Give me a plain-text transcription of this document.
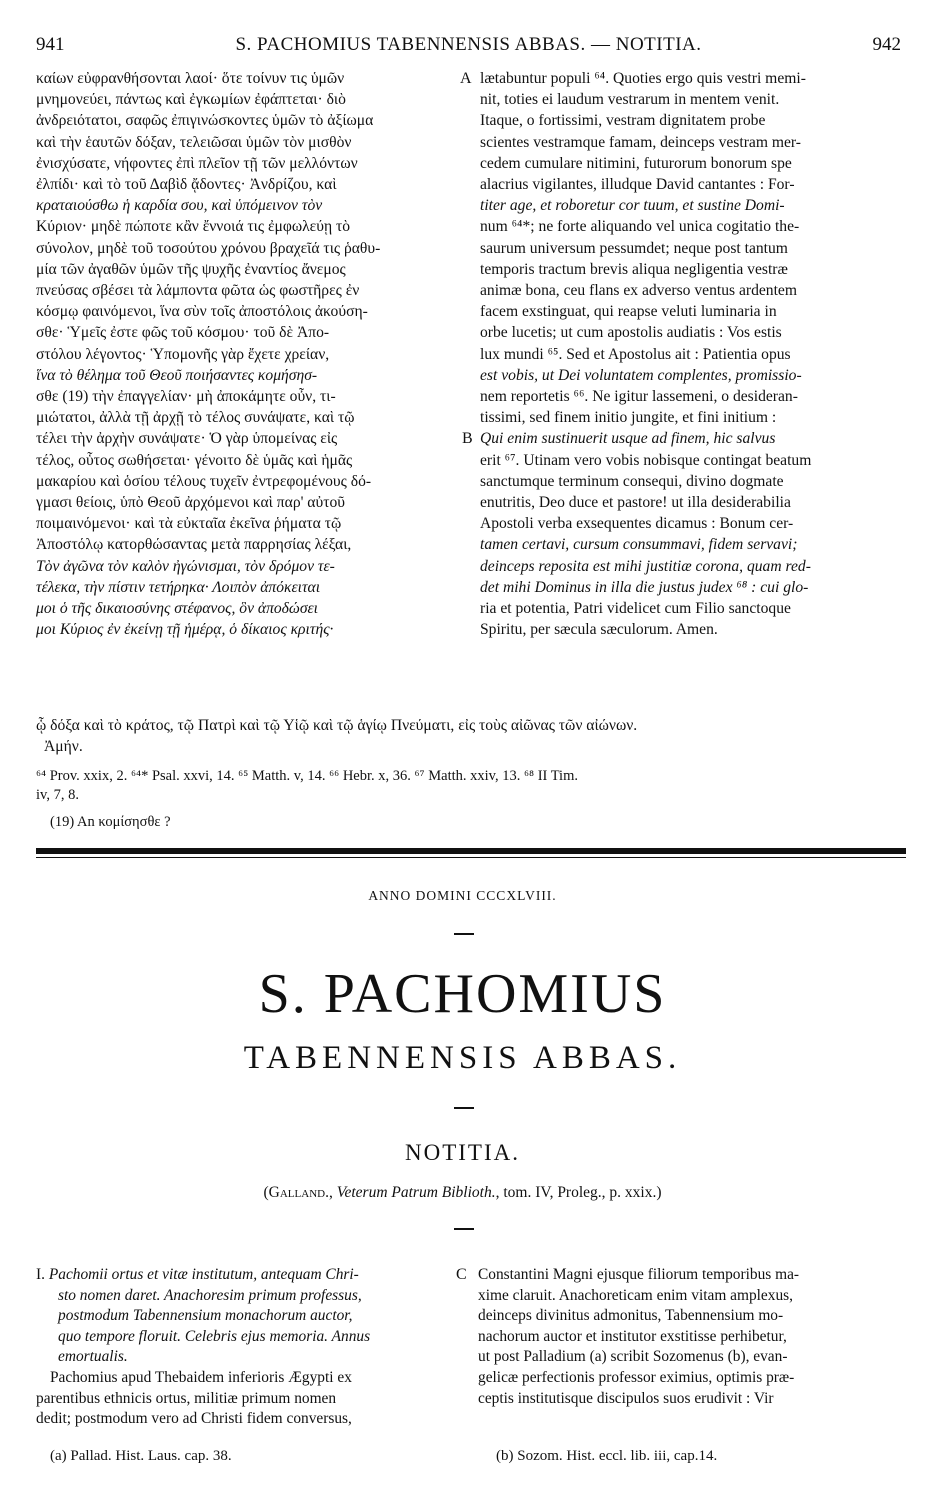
941	S. PACHOMIUS TABENNENSIS ABBAS. — NOTITIA.	942

καίων εὐφρανθήσονται λαοί· ὅτε τοίνυν τις ὑμῶν

μνημονεύει, πάντως καὶ ἐγκωμίων ἐφάπτεται· διὸ

ἀνδρειότατοι, σαφῶς ἐπιγινώσκοντες ὑμῶν τὸ ἀξίωμα

καὶ τὴν ἑαυτῶν δόξαν, τελειῶσαι ὑμῶν τὸν μισθὸν

ἐνισχύσατε, νήφοντες ἐπὶ πλεῖον τῇ τῶν μελλόντων

ἐλπίδι· καὶ τὸ τοῦ Δαβὶδ ᾄδοντες· Ἀνδρίζου, καὶ

κραταιούσθω ἡ καρδία σου, καὶ ὑπόμεινον τὸν

Κύριον· μηδὲ πώποτε κἂν ἔννοιά τις ἐμφωλεύῃ τὸ

σύνολον, μηδὲ τοῦ τοσούτου χρόνου βραχεῖά τις ῥαθυ-

μία τῶν ἀγαθῶν ὑμῶν τῆς ψυχῆς ἐναντίος ἄνεμος

πνεύσας σβέσει τὰ λάμποντα φῶτα ὡς φωστῆρες ἐν

κόσμῳ φαινόμενοι, ἵνα σὺν τοῖς ἀποστόλοις ἀκούση-

σθε· Ὑμεῖς ἐστε φῶς τοῦ κόσμου· τοῦ δὲ Ἀπο-

στόλου λέγοντος· Ὑπομονῆς γὰρ ἔχετε χρείαν,

ἵνα τὸ θέλημα τοῦ Θεοῦ ποιήσαντες κομήσησ-

σθε (19) τὴν ἐπαγγελίαν· μὴ ἀποκάμητε οὖν, τι-

μιώτατοι, ἀλλὰ τῇ ἀρχῇ τὸ τέλος συνάψατε, καὶ τῷ

τέλει τὴν ἀρχὴν συνάψατε· Ὁ γὰρ ὑπομείνας εἰς

τέλος, οὗτος σωθήσεται· γένοιτο δὲ ὑμᾶς καὶ ἡμᾶς

μακαρίου καὶ ὁσίου τέλους τυχεῖν ἐντρεφομένους δό-

γμασι θείοις, ὑπὸ Θεοῦ ἀρχόμενοι καὶ παρ' αὐτοῦ

ποιμαινόμενοι· καὶ τὰ εὐκταῖα ἐκεῖνα ῥήματα τῷ

Ἀποστόλῳ κατορθώσαντας μετὰ παρρησίας λέξαι,

Τὸν ἀγῶνα τὸν καλὸν ἠγώνισμαι, τὸν δρόμον τε-

τέλεκα, τὴν πίστιν τετήρηκα· Λοιπὸν ἀπόκειται

μοι ὁ τῆς δικαιοσύνης στέφανος, ὃν ἀποδώσει

μοι Κύριος ἐν ἐκείνῃ τῇ ἡμέρᾳ, ὁ δίκαιος κριτής·

A
B

lætabuntur populi ⁶⁴. Quoties ergo quis vestri memi-

nit, toties ei laudum vestrarum in mentem venit.

Itaque, o fortissimi, vestram dignitatem probe

scientes vestramque famam, deinceps vestram mer-

cedem cumulare nitimini, futurorum bonorum spe

alacrius vigilantes, illudque David cantantes : For-

titer age, et roboretur cor tuum, et sustine Domi-

num ⁶⁴*; ne forte aliquando vel unica cogitatio the-

saurum universum pessumdet; neque post tantum

temporis tractum brevis aliqua negligentia vestræ

animæ bona, ceu flans ex adverso ventus ardentem

facem exstinguat, qui reapse veluti luminaria in

orbe lucetis; ut cum apostolis audiatis : Vos estis

lux mundi ⁶⁵. Sed et Apostolus ait : Patientia opus

est vobis, ut Dei voluntatem complentes, promissio-

nem reportetis ⁶⁶. Ne igitur lassemeni, o desideran-

tissimi, sed finem initio jungite, et fini initium :

Qui enim sustinuerit usque ad finem, hic salvus

erit ⁶⁷. Utinam vero vobis nobisque contingat beatum

sanctumque terminum consequi, divino dogmate

enutritis, Deo duce et pastore! ut illa desiderabilia

Apostoli verba exsequentes dicamus : Bonum cer-

tamen certavi, cursum consummavi, fidem servavi;

deinceps reposita est mihi justitiæ corona, quam red-

det mihi Dominus in illa die justus judex ⁶⁸ : cui glo-

ria et potentia, Patri videlicet cum Filio sanctoque

Spiritu, per sæcula sæculorum. Amen.

ᾧ δόξα καὶ τὸ κράτος, τῷ Πατρὶ καὶ τῷ Υἱῷ καὶ τῷ ἁγίῳ Πνεύματι, εἰς τοὺς αἰῶνας τῶν αἰώνων.
Ἀμήν.
⁶⁴ Prov. xxix, 2. ⁶⁴* Psal. xxvi, 14. ⁶⁵ Matth. v, 14. ⁶⁶ Hebr. x, 36. ⁶⁷ Matth. xxiv, 13. ⁶⁸ II Tim.
iv, 7, 8.
(19) Αn κομίσησθε ?
ANNO DOMINI CCCXLVIII.
S. PACHOMIUS
TABENNENSIS ABBAS.
NOTITIA.
(Galland., Veterum Patrum Biblioth., tom. IV, Proleg., p. xxix.)

I. Pachomii ortus et vitæ institutum, antequam Chri-

sto nomen daret. Anachoresim primum professus,

postmodum Tabennensium monachorum auctor,

quo tempore floruit. Celebris ejus memoria. Annus

emortualis.

Pachomius apud Thebaidem inferioris Ægypti ex

parentibus ethnicis ortus, militiæ primum nomen

dedit; postmodum vero ad Christi fidem conversus,

C Constantini Magni ejusque filiorum temporibus ma-

xime claruit. Anachoreticam enim vitam amplexus,

deinceps divinitus admonitus, Tabennensium mo-

nachorum auctor et institutor exstitisse perhibetur,

ut post Palladium (a) scribit Sozomenus (b), evan-

gelicæ perfectionis professor eximius, optimis præ-

ceptis institutisque discipulos suos erudivit : Vir

(a) Pallad. Hist. Laus. cap. 38.	(b) Sozom. Hist. eccl. lib. iii, cap.14.
